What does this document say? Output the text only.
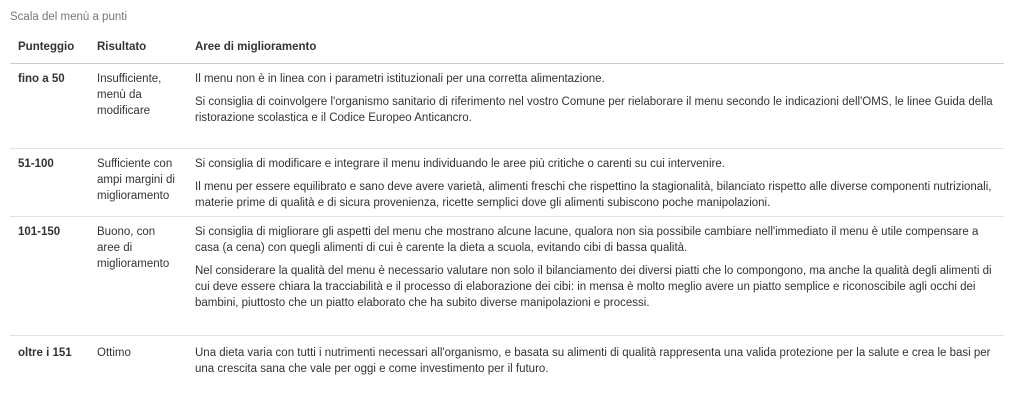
Scala del menù a punti
Punteggio	Risultato	Aree di miglioramento
fino a 50	Insufficiente, menù da modificare	Il menu non è in linea con i parametri istituzionali per una corretta alimentazione.

Si consiglia di coinvolgere l'organismo sanitario di riferimento nel vostro Comune per rielaborare il menu secondo le indicazioni dell'OMS, le linee Guida della ristorazione scolastica e il Codice Europeo Anticancro.

51-100	Sufficiente con ampi margini di miglioramento	Si consiglia di modificare e integrare il menu individuando le aree più critiche o carenti su cui intervenire.

Il menu per essere equilibrato e sano deve avere varietà, alimenti freschi che rispettino la stagionalità, bilanciato rispetto alle diverse componenti nutrizionali, materie prime di qualità e di sicura provenienza, ricette semplici dove gli alimenti subiscono poche manipolazioni.

101-150	Buono, con aree di miglioramento	Si consiglia di migliorare gli aspetti del menu che mostrano alcune lacune, qualora non sia possibile cambiare nell'immediato il menu è utile compensare a casa (a cena) con quegli alimenti di cui è carente la dieta a scuola, evitando cibi di bassa qualità.

Nel considerare la qualità del menu è necessario valutare non solo il bilanciamento dei diversi piatti che lo compongono, ma anche la qualità degli alimenti di cui deve essere chiara la tracciabilità e il processo di elaborazione dei cibi: in mensa è molto meglio avere un piatto semplice e riconoscibile agli occhi dei bambini, piuttosto che un piatto elaborato che ha subito diverse manipolazioni e processi.

oltre i 151	Ottimo	Una dieta varia con tutti i nutrimenti necessari all'organismo, e basata su alimenti di qualità rappresenta una valida protezione per la salute e crea le basi per una crescita sana che vale per oggi e come investimento per il futuro.
